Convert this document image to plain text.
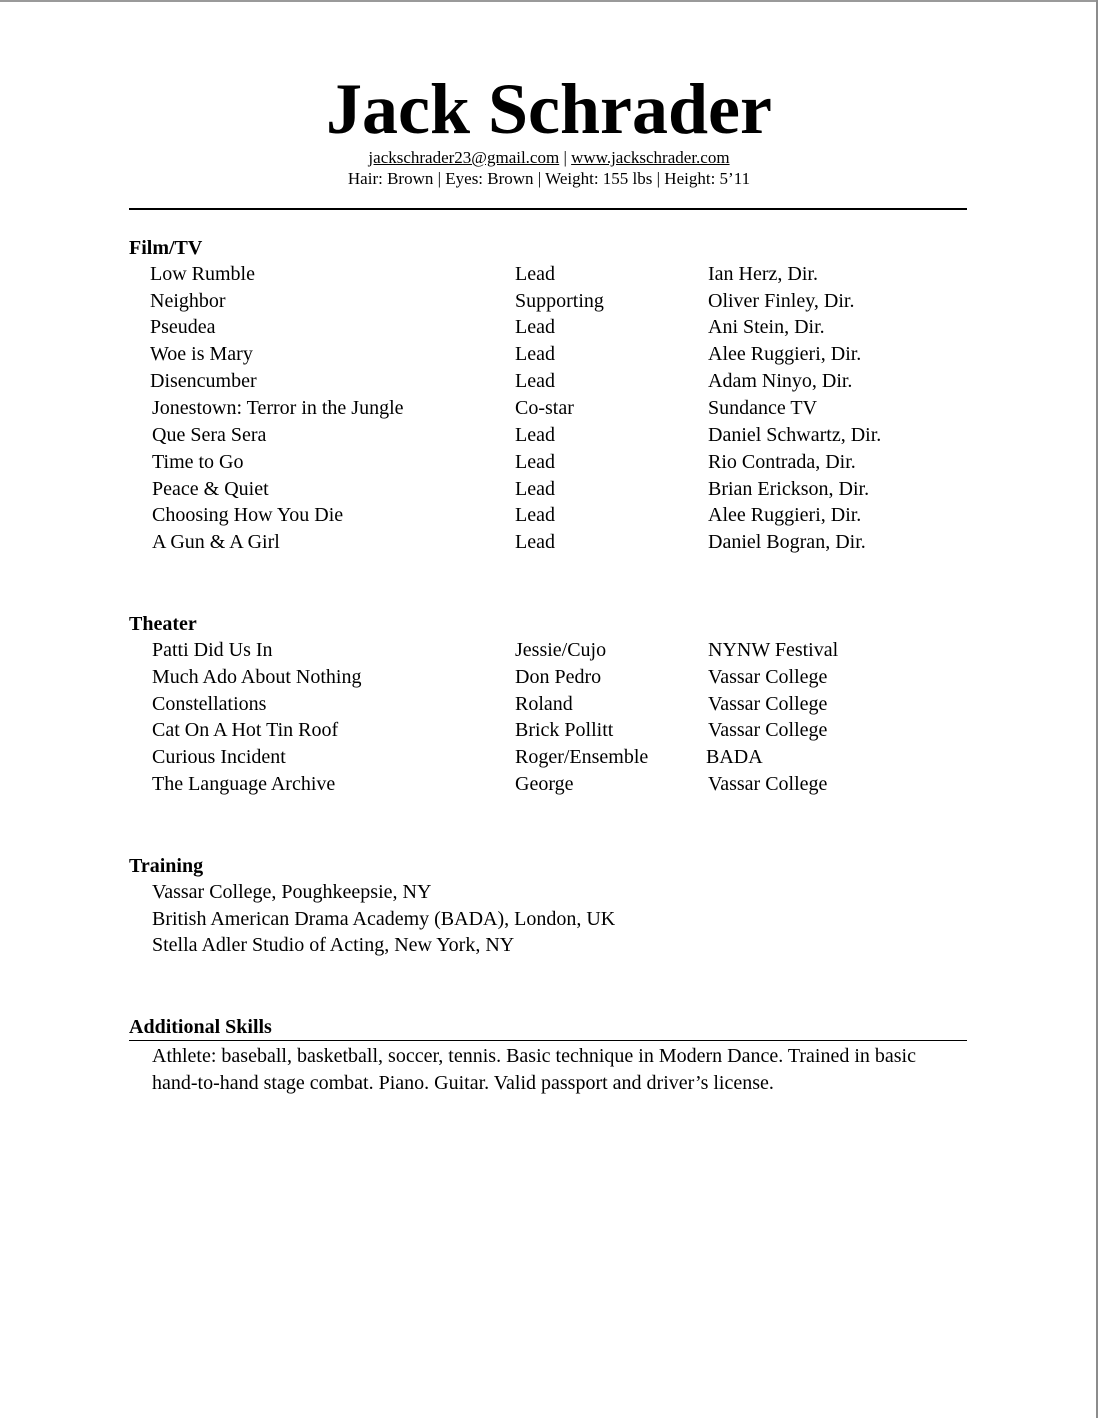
Jack Schrader
jackschrader23@gmail.com | www.jackschrader.com
Hair: Brown | Eyes: Brown | Weight: 155 lbs | Height: 5’11
Film/TV
Low Rumble	Lead	Ian Herz, Dir.
Neighbor	Supporting	Oliver Finley, Dir.
Pseudea	Lead	Ani Stein, Dir.
Woe is Mary	Lead	Alee Ruggieri, Dir.
Disencumber	Lead	Adam Ninyo, Dir.
Jonestown: Terror in the Jungle	Co-star	Sundance TV
Que Sera Sera	Lead	Daniel Schwartz, Dir.
Time to Go	Lead	Rio Contrada, Dir.
Peace & Quiet	Lead	Brian Erickson, Dir.
Choosing How You Die	Lead	Alee Ruggieri, Dir.
A Gun & A Girl	Lead	Daniel Bogran, Dir.
Theater
Patti Did Us In	Jessie/Cujo	NYNW Festival
Much Ado About Nothing	Don Pedro	Vassar College
Constellations	Roland	Vassar College
Cat On A Hot Tin Roof	Brick Pollitt	Vassar College
Curious Incident	Roger/Ensemble	BADA
The Language Archive	George	Vassar College
Training
Vassar College, Poughkeepsie, NY
British American Drama Academy (BADA), London, UK
Stella Adler Studio of Acting, New York, NY
Additional Skills
Athlete: baseball, basketball, soccer, tennis. Basic technique in Modern Dance. Trained in basic hand-to-hand stage combat. Piano. Guitar. Valid passport and driver’s license.
